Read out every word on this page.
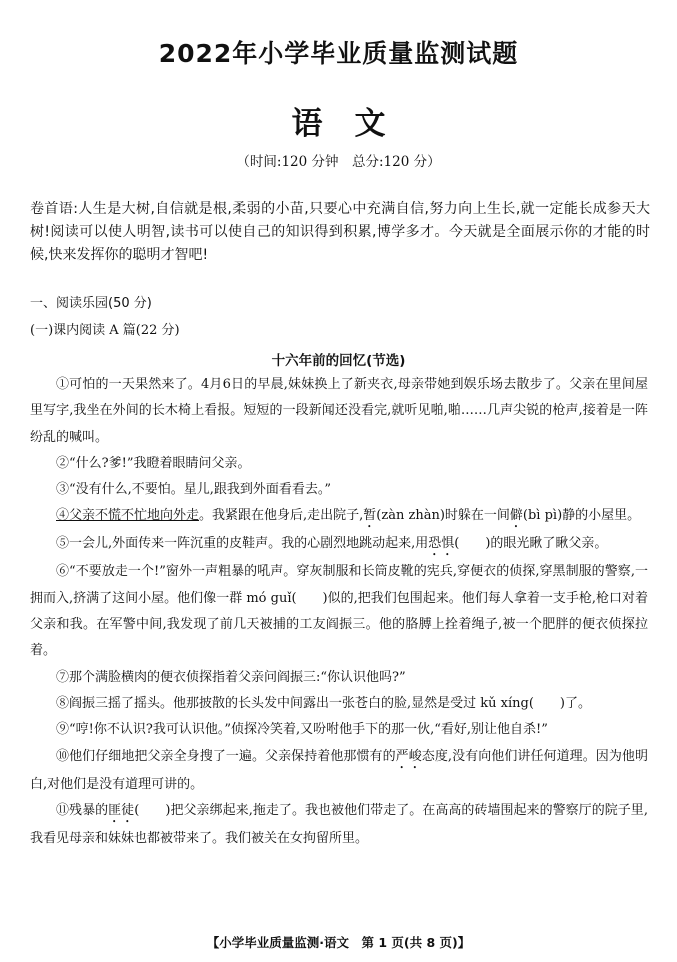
2022年小学毕业质量监测试题
语文
（时间:120 分钟　总分:120 分）
卷首语:人生是大树,自信就是根,柔弱的小苗,只要心中充满自信,努力向上生长,就一定能长成参天大树!阅读可以使人明智,读书可以使自己的知识得到积累,博学多才。今天就是全面展示你的才能的时候,快来发挥你的聪明才智吧!
一、阅读乐园(50 分)
(一)课内阅读 A 篇(22 分)
十六年前的回忆(节选)

①可怕的一天果然来了。4月6日的早晨,妹妹换上了新夹衣,母亲带她到娱乐场去散步了。父亲在里间屋里写字,我坐在外间的长木椅上看报。短短的一段新闻还没看完,就听见啪,啪……几声尖锐的枪声,接着是一阵纷乱的喊叫。

②“什么?爹!”我瞪着眼睛问父亲。

③“没有什么,不要怕。星儿,跟我到外面看看去。”

④父亲不慌不忙地向外走。我紧跟在他身后,走出院子,暂(zàn zhàn)时躲在一间僻(bì pì)静的小屋里。

⑤一会儿,外面传来一阵沉重的皮鞋声。我的心剧烈地跳动起来,用恐惧(　　)的眼光瞅了瞅父亲。

⑥“不要放走一个!”窗外一声粗暴的吼声。穿灰制服和长筒皮靴的宪兵,穿便衣的侦探,穿黑制服的警察,一拥而入,挤满了这间小屋。他们像一群 mó guǐ(　　)似的,把我们包围起来。他们每人拿着一支手枪,枪口对着父亲和我。在军警中间,我发现了前几天被捕的工友阎振三。他的胳膊上拴着绳子,被一个肥胖的便衣侦探拉着。

⑦那个满脸横肉的便衣侦探指着父亲问阎振三:“你认识他吗?”

⑧阎振三摇了摇头。他那披散的长头发中间露出一张苍白的脸,显然是受过 kǔ xíng(　　)了。

⑨“哼!你不认识?我可认识他。”侦探冷笑着,又吩咐他手下的那一伙,“看好,别让他自杀!”

⑩他们仔细地把父亲全身搜了一遍。父亲保持着他那惯有的严峻态度,没有向他们讲任何道理。因为他明白,对他们是没有道理可讲的。

⑪残暴的匪徒(　　)把父亲绑起来,拖走了。我也被他们带走了。在高高的砖墙围起来的警察厅的院子里,我看见母亲和妹妹也都被带来了。我们被关在女拘留所里。

【小学毕业质量监测·语文　第 1 页(共 8 页)】
